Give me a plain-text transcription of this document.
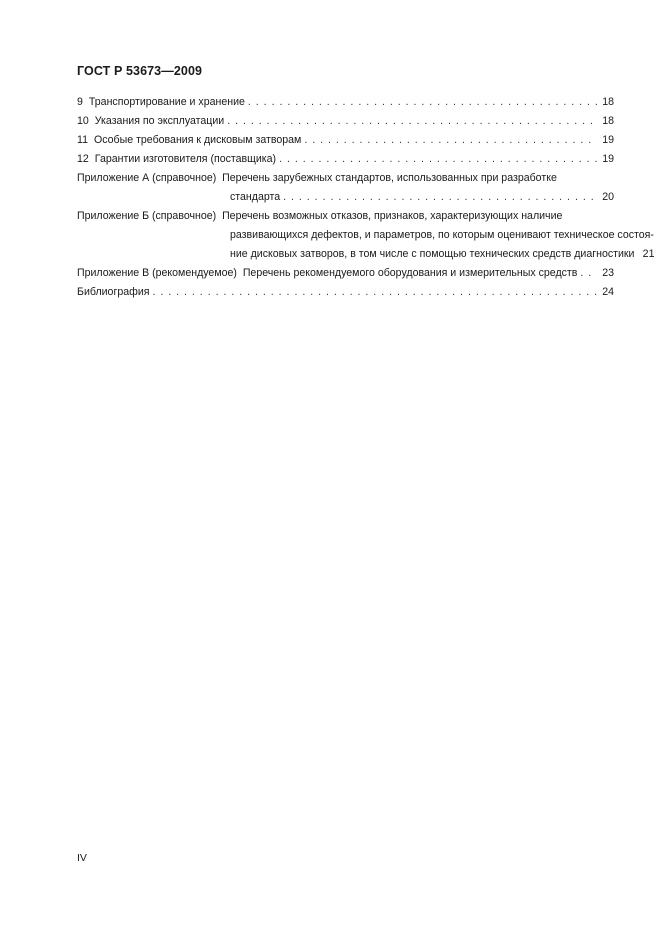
ГОСТ Р 53673—2009
9 Транспортирование и хранение . . .	18
10 Указания по эксплуатации . . .	18
11 Особые требования к дисковым затворам . . .	19
12 Гарантии изготовителя (поставщика) . . .	19
Приложение А (справочное) Перечень зарубежных стандартов, использованных при разработке
стандарта . . .	20
Приложение Б (справочное) Перечень возможных отказов, признаков, характеризующих наличие
развивающихся дефектов, и параметров, по которым оценивают техническое состоя-
ние дисковых затворов, в том числе с помощью технических средств диагностики 21
Приложение В (рекомендуемое) Перечень рекомендуемого оборудования и измерительных средств . . . 23
Библиография . . .	24
IV
